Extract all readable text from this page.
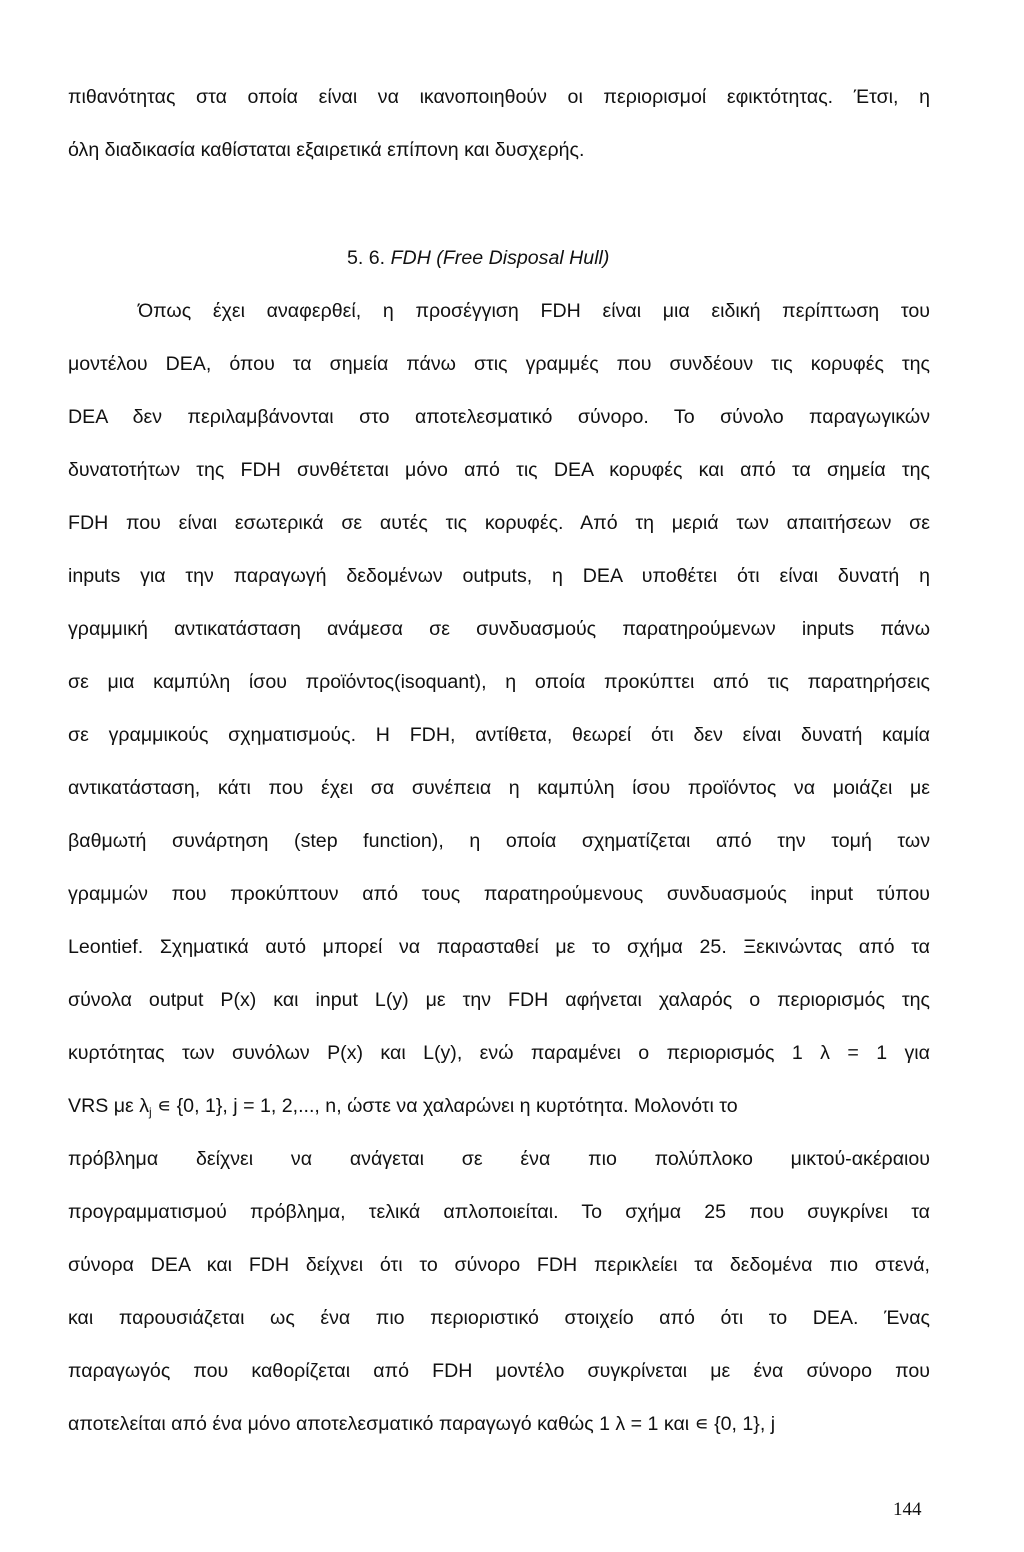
πιθανότητας στα οποία είναι να ικανοποιηθούν οι περιορισμοί εφικτότητας. Έτσι, η
όλη διαδικασία καθίσταται εξαιρετικά επίπονη και δυσχερής.
5. 6. FDH (Free Disposal Hull)
Όπως έχει αναφερθεί, η προσέγγιση FDH είναι μια ειδική περίπτωση του
μοντέλου DEA, όπου τα σημεία πάνω στις γραμμές που συνδέουν τις κορυφές της
DEA δεν περιλαμβάνονται στο αποτελεσματικό σύνορο. Το σύνολο παραγωγικών
δυνατοτήτων της FDH συνθέτεται μόνο από τις DEA κορυφές και από τα σημεία της
FDH που είναι εσωτερικά σε αυτές τις κορυφές. Από τη μεριά των απαιτήσεων σε
inputs για την παραγωγή δεδομένων outputs, η DEA υποθέτει ότι είναι δυνατή η
γραμμική αντικατάσταση ανάμεσα σε συνδυασμούς παρατηρούμενων inputs πάνω
σε μια καμπύλη ίσου προϊόντος(isoquant), η οποία προκύπτει από τις παρατηρήσεις
σε γραμμικούς σχηματισμούς. Η FDH, αντίθετα, θεωρεί ότι δεν είναι δυνατή καμία
αντικατάσταση, κάτι που έχει σα συνέπεια η καμπύλη ίσου προϊόντος να μοιάζει με
βαθμωτή συνάρτηση (step function), η οποία σχηματίζεται από την τομή των
γραμμών που προκύπτουν από τους παρατηρούμενους συνδυασμούς input τύπου
Leontief. Σχηματικά αυτό μπορεί να παρασταθεί με το σχήμα 25. Ξεκινώντας από τα
σύνολα output P(x) και input L(y) με την FDH αφήνεται χαλαρός ο περιορισμός της
κυρτότητας των συνόλων P(x) και L(y), ενώ παραμένει ο περιορισμός 1 λ = 1 για
VRS με $\lambda_j$ ∊ {0, 1}, j = 1, 2,..., n, ώστε να χαλαρώνει η κυρτότητα. Μολονότι το
πρόβλημα δείχνει να ανάγεται σε ένα πιο πολύπλοκο μικτού-ακέραιου
προγραμματισμού πρόβλημα, τελικά απλοποιείται. Το σχήμα 25 που συγκρίνει τα
σύνορα DEA και FDH δείχνει ότι το σύνορο FDH περικλείει τα δεδομένα πιο στενά,
και παρουσιάζεται ως ένα πιο περιοριστικό στοιχείο από ότι το DEA. Ένας
παραγωγός που καθορίζεται από FDH μοντέλο συγκρίνεται με ένα σύνορο που
αποτελείται από ένα μόνο αποτελεσματικό παραγωγό καθώς 1 λ = 1 και ∊ {0, 1}, j
144
